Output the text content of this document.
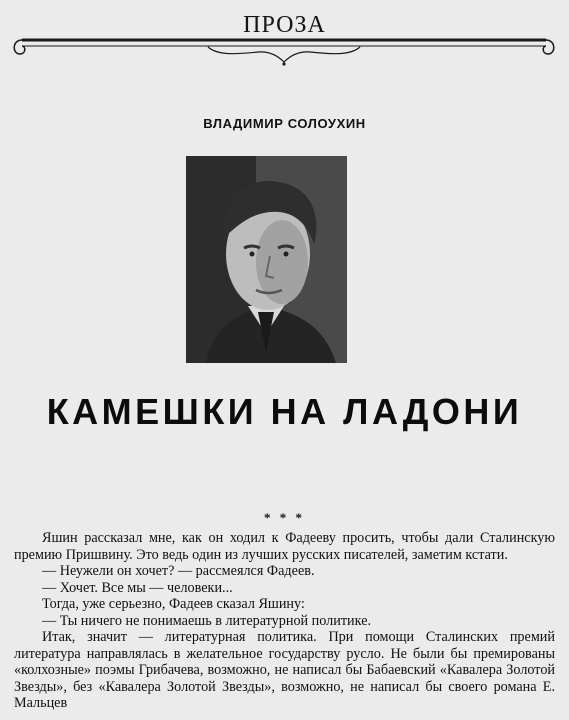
ПРОЗА
ВЛАДИМИР СОЛОУХИН
КАМЕШКИ НА ЛАДОНИ
* * *

Яшин рассказал мне, как он ходил к Фадееву просить, чтобы дали Сталинскую премию Пришвину. Это ведь один из лучших русских писателей, заметим кстати.

— Неужели он хочет? — рассмеялся Фадеев.

— Хочет. Все мы — человеки...

Тогда, уже серьезно, Фадеев сказал Яшину:

— Ты ничего не понимаешь в литературной политике.

Итак, значит — литературная политика. При помощи Сталинских премий литература направлялась в желательное государству русло. Не были бы премированы «колхозные» поэмы Грибачева, возможно, не написал бы Бабаевский «Кавалера Золотой Звезды», без «Кавалера Золотой Звезды», возможно, не написал бы своего романа Е. Мальцев
